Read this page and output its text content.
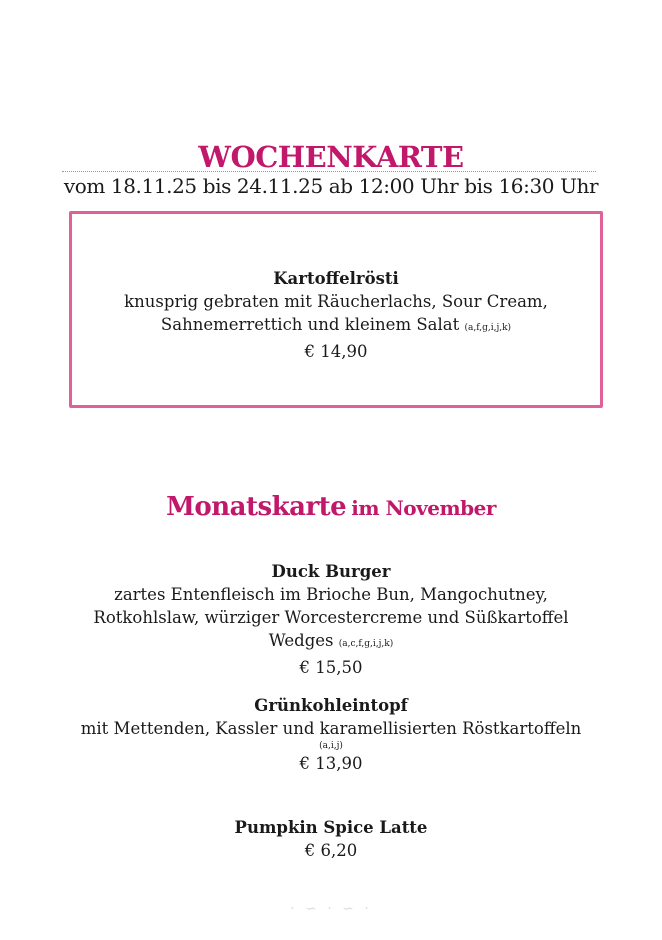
WOCHENKARTE
vom 18.11.25 bis 24.11.25 ab 12:00 Uhr bis 16:30 Uhr
Kartoffelrösti
knusprig gebraten mit Räucherlachs, Sour Cream,
Sahnemerrettich und kleinem Salat (a,f,g,i,j,k)
€ 14,90
Monatskarte im November
Duck Burger
zartes Entenfleisch im Brioche Bun, Mangochutney,
Rotkohlslaw, würziger Worcestercreme und Süßkartoffel
Wedges (a,c,f,g,i,j,k)
€ 15,50
Grünkohleintopf
mit Mettenden, Kassler und karamellisierten Röstkartoffeln
(a,i,j)
€ 13,90
Pumpkin Spice Latte
€ 6,20
· ∽ · ∽ ·
